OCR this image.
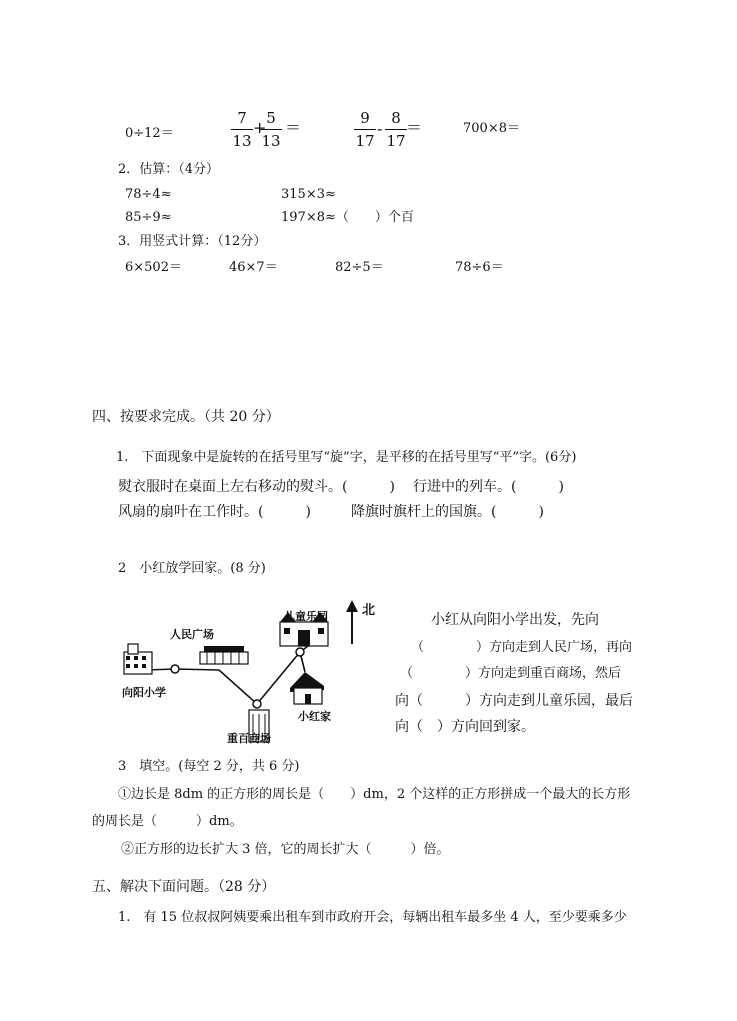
0÷12＝
7
13
+ 5
13
＝	9
17
-
8
17
＝	700×8＝
2．估算：（4分）
78÷4≈	315×3≈
85÷9≈	197×8≈（　　）个百
3．用竖式计算：（12分）
6×502＝	46×7＝	82÷5＝	78÷6＝
四、按要求完成。（共 20 分）
1.　下面现象中是旋转的在括号里写“旋”字，是平移的在括号里写“平”字。(6分)
熨衣服时在桌面上左右移动的熨斗。(　　　) 行进中的列车。(　　　)
风扇的扇叶在工作时。(　　　)	降旗时旗杆上的国旗。(　　　)
2　小红放学回家。(8 分)
人民广场
向阳小学
儿童乐园
重百商场
小红家
北
小红从向阳小学出发，先向
（　　　　）方向走到人民广场，再向
（　　　　）方向走到重百商场，然后
向（　　　）方向走到儿童乐园，最后
向（　）方向回到家。
3　填空。(每空 2 分，共 6 分)
①边长是 8dm 的正方形的周长是（　　）dm，2 个这样的正方形拼成一个最大的长方形
的周长是（　　　）dm。
②正方形的边长扩大 3 倍，它的周长扩大（　　　）倍。
五、解决下面问题。（28 分）
1.　有 15 位叔叔阿姨要乘出租车到市政府开会，每辆出租车最多坐 4 人，至少要乘多少
